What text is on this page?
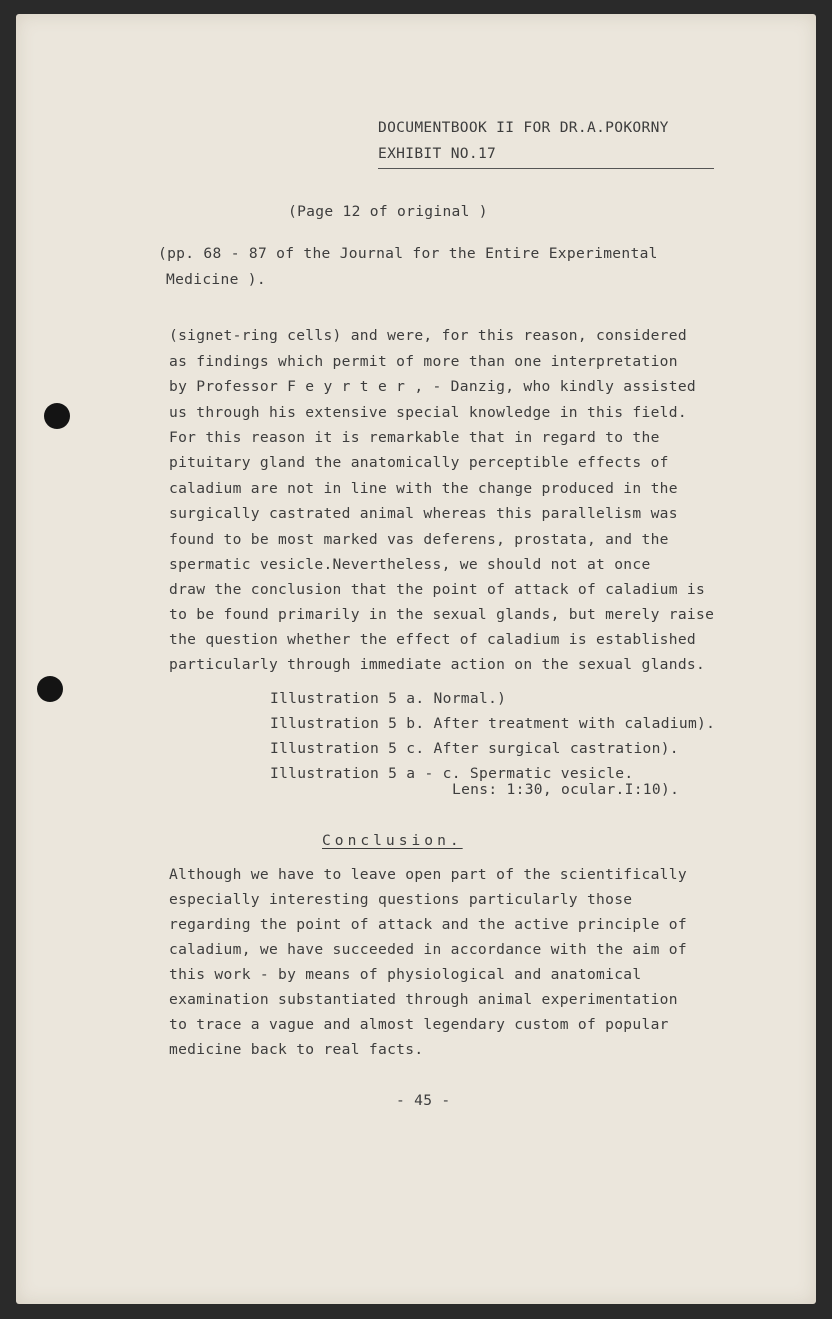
DOCUMENTBOOK II FOR DR.A.POKORNY
EXHIBIT NO.17
(Page 12 of original )
(pp. 68 - 87 of the Journal for the Entire Experimental
Medicine ).
(signet-ring cells) and were, for this reason, considered
as findings which permit of more than one interpretation
by Professor F e y r t e r , - Danzig, who kindly assisted
us through his extensive special knowledge in this field.
For this reason it is remarkable that in regard to the
pituitary gland the anatomically perceptible effects of
caladium are not in line with the change produced in the
surgically castrated animal whereas this parallelism was
found to be most marked vas deferens, prostata, and the
spermatic vesicle.Nevertheless, we should not at once
draw the conclusion that the point of attack of caladium is
to be found primarily in the sexual glands, but merely raise
the question whether the effect of caladium is established
particularly through immediate action on the sexual glands.
Illustration 5 a. Normal.)
Illustration 5 b. After treatment with caladium).
Illustration 5 c. After surgical castration).
Illustration 5 a - c. Spermatic vesicle.
Lens: 1:30, ocular.I:10).
Conclusion.
Although we have to leave open part of the scientifically
especially interesting questions particularly those
regarding the point of attack and the active principle of
caladium, we have succeeded in accordance with the aim of
this work - by means of physiological and anatomical
examination substantiated through animal experimentation
to trace a vague and almost legendary custom of popular
medicine back to real facts.
- 45 -
